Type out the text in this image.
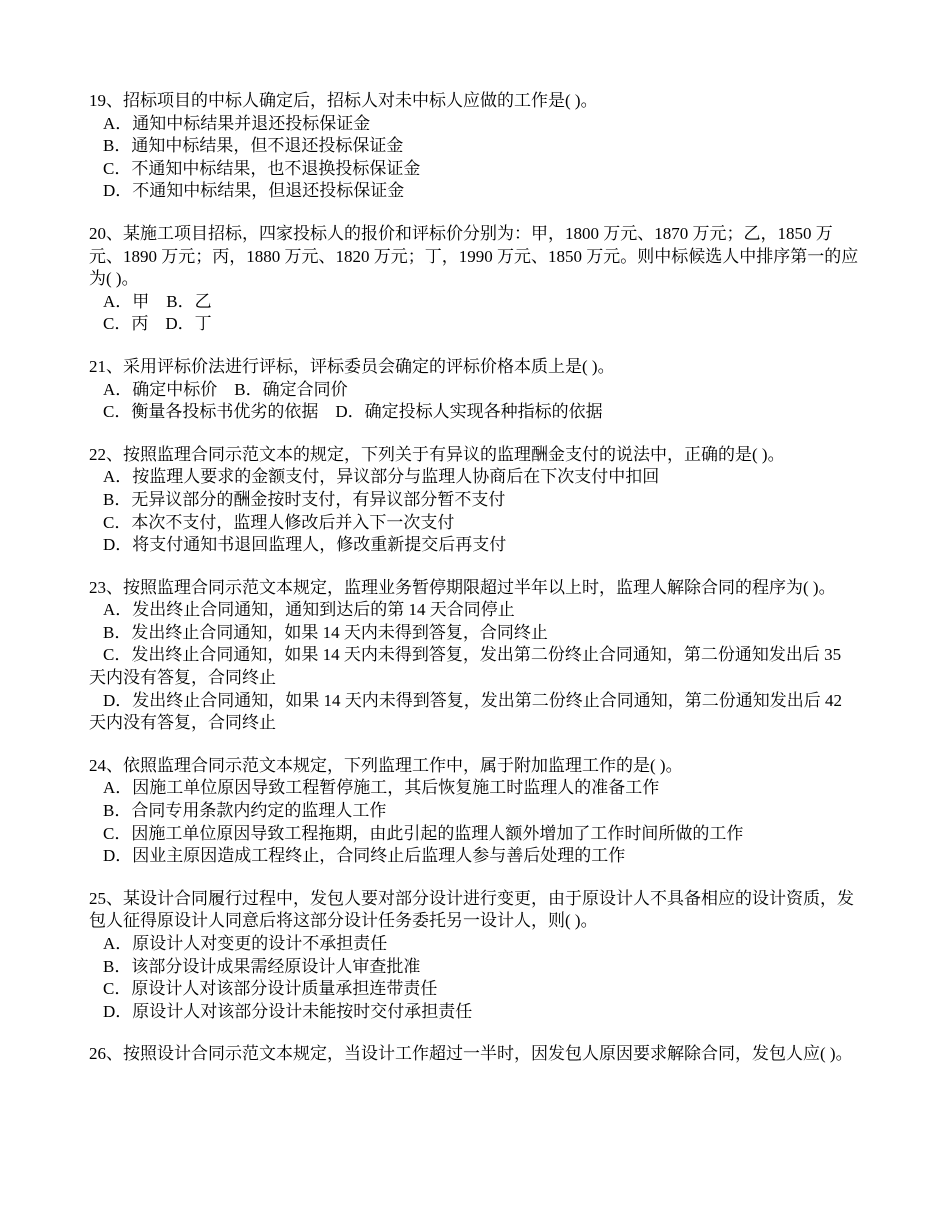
19、招标项目的中标人确定后，招标人对未中标人应做的工作是( )。

A．通知中标结果并退还投标保证金

B．通知中标结果，但不退还投标保证金

C．不通知中标结果，也不退换投标保证金

D．不通知中标结果，但退还投标保证金

20、某施工项目招标，四家投标人的报价和评标价分别为：甲，1800 万元、1870 万元；乙，1850 万元、1890 万元；丙，1880 万元、1820 万元；丁，1990 万元、1850 万元。则中标候选人中排序第一的应为( )。

A．甲　B．乙

C．丙　D．丁

21、采用评标价法进行评标，评标委员会确定的评标价格本质上是( )。

A．确定中标价　B．确定合同价

C．衡量各投标书优劣的依据　D．确定投标人实现各种指标的依据

22、按照监理合同示范文本的规定，下列关于有异议的监理酬金支付的说法中，正确的是( )。

A．按监理人要求的金额支付，异议部分与监理人协商后在下次支付中扣回

B．无异议部分的酬金按时支付，有异议部分暂不支付

C．本次不支付，监理人修改后并入下一次支付

D．将支付通知书退回监理人，修改重新提交后再支付

23、按照监理合同示范文本规定，监理业务暂停期限超过半年以上时，监理人解除合同的程序为( )。

A．发出终止合同通知，通知到达后的第 14 天合同停止

B．发出终止合同通知，如果 14 天内未得到答复，合同终止

C．发出终止合同通知，如果 14 天内未得到答复，发出第二份终止合同通知，第二份通知发出后 35 天内没有答复，合同终止

D．发出终止合同通知，如果 14 天内未得到答复，发出第二份终止合同通知，第二份通知发出后 42 天内没有答复，合同终止

24、依照监理合同示范文本规定，下列监理工作中，属于附加监理工作的是( )。

A．因施工单位原因导致工程暂停施工，其后恢复施工时监理人的准备工作

B．合同专用条款内约定的监理人工作

C．因施工单位原因导致工程拖期，由此引起的监理人额外增加了工作时间所做的工作

D．因业主原因造成工程终止，合同终止后监理人参与善后处理的工作

25、某设计合同履行过程中，发包人要对部分设计进行变更，由于原设计人不具备相应的设计资质，发包人征得原设计人同意后将这部分设计任务委托另一设计人，则( )。

A．原设计人对变更的设计不承担责任

B．该部分设计成果需经原设计人审查批准

C．原设计人对该部分设计质量承担连带责任

D．原设计人对该部分设计未能按时交付承担责任

26、按照设计合同示范文本规定，当设计工作超过一半时，因发包人原因要求解除合同，发包人应( )。
